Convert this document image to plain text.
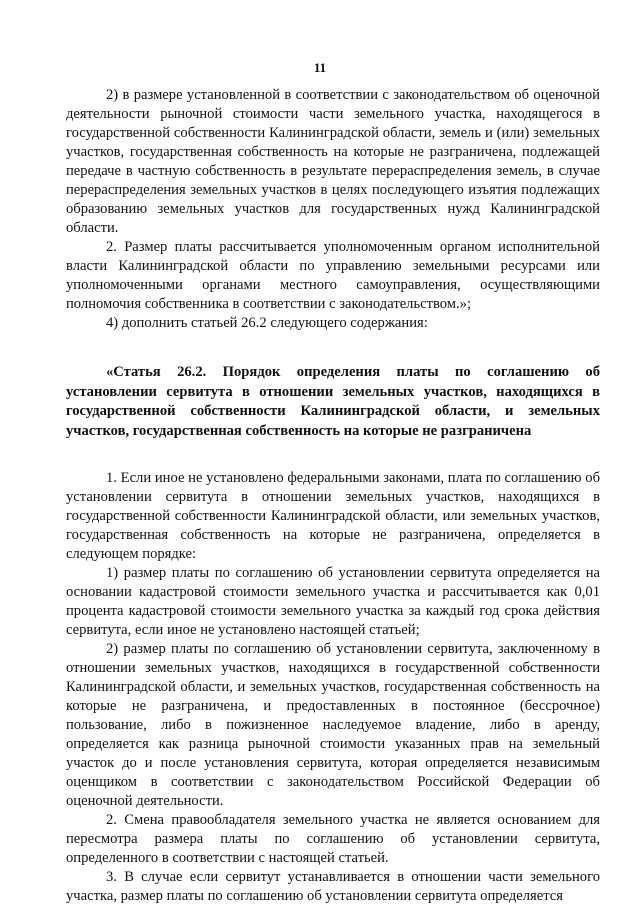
11

2) в размере установленной в соответствии с законодательством об оценочной деятельности рыночной стоимости части земельного участка, находящегося в государственной собственности Калининградской области, земель и (или) земельных участков, государственная собственность на которые не разграничена, подлежащей передаче в частную собственность в результате перераспределения земель, в случае перераспределения земельных участков в целях последующего изъятия подлежащих образованию земельных участков для государственных нужд Калининградской области.

2. Размер платы рассчитывается уполномоченным органом исполнительной власти Калининградской области по управлению земельными ресурсами или уполномоченными органами местного самоуправления, осуществляющими полномочия собственника в соответствии с законодательством.»;

4) дополнить статьей 26.2 следующего содержания:

«Статья 26.2. Порядок определения платы по соглашению об установлении сервитута в отношении земельных участков, находящихся в государственной собственности Калининградской области, и земельных участков, государственная собственность на которые не разграничена

1. Если иное не установлено федеральными законами, плата по соглашению об установлении сервитута в отношении земельных участков, находящихся в государственной собственности Калининградской области, или земельных участков, государственная собственность на которые не разграничена, определяется в следующем порядке:

1) размер платы по соглашению об установлении сервитута определяется на основании кадастровой стоимости земельного участка и рассчитывается как 0,01 процента кадастровой стоимости земельного участка за каждый год срока действия сервитута, если иное не установлено настоящей статьей;

2) размер платы по соглашению об установлении сервитута, заключенному в отношении земельных участков, находящихся в государственной собственности Калининградской области, и земельных участков, государственная собственность на которые не разграничена, и предоставленных в постоянное (бессрочное) пользование, либо в пожизненное наследуемое владение, либо в аренду, определяется как разница рыночной стоимости указанных прав на земельный участок до и после установления сервитута, которая определяется независимым оценщиком в соответствии с законодательством Российской Федерации об оценочной деятельности.

2. Смена правообладателя земельного участка не является основанием для пересмотра размера платы по соглашению об установлении сервитута, определенного в соответствии с настоящей статьей.

3. В случае если сервитут устанавливается в отношении части земельного участка, размер платы по соглашению об установлении сервитута определяется
